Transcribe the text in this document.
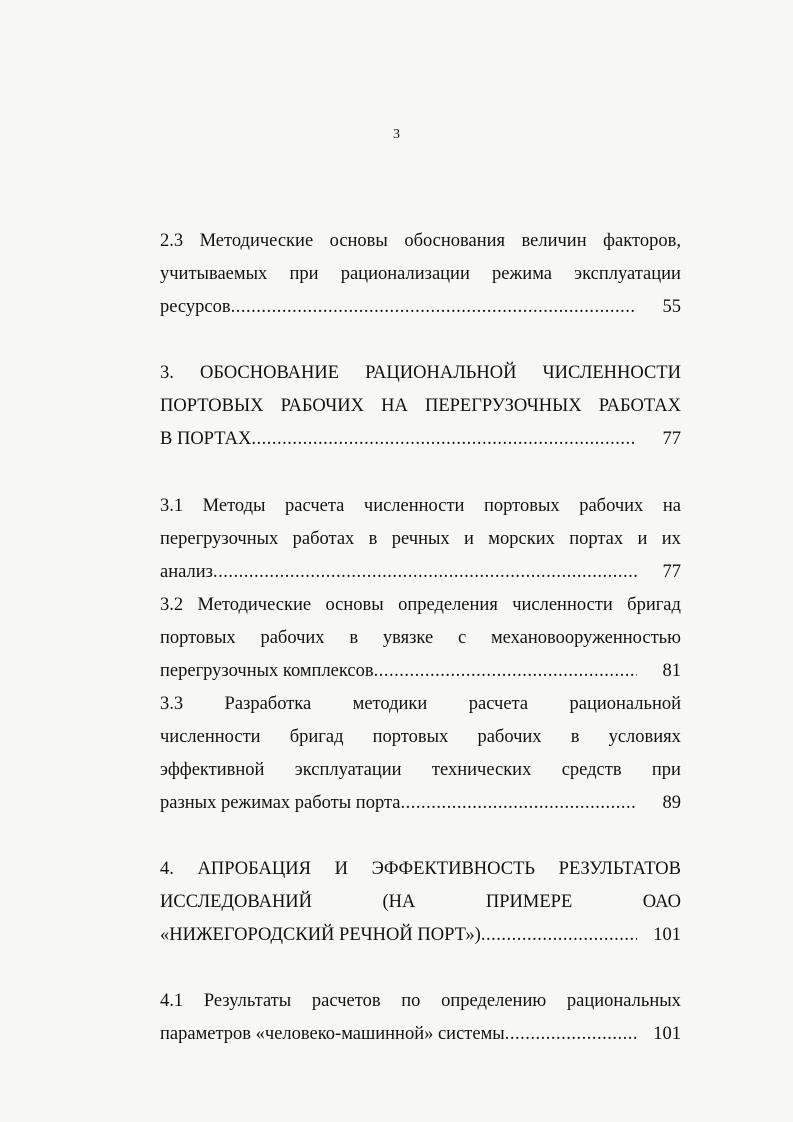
3
2.3 Методические основы обоснования величин факторов,
учитываемых при рационализации режима эксплуатации
ресурсов .....	55
3. ОБОСНОВАНИЕ РАЦИОНАЛЬНОЙ ЧИСЛЕННОСТИ
ПОРТОВЫХ РАБОЧИХ НА ПЕРЕГРУЗОЧНЫХ РАБОТАХ
В ПОРТАХ .....	77
3.1 Методы расчета численности портовых рабочих на
перегрузочных работах в речных и морских портах и их
анализ .....	77
3.2 Методические основы определения численности бригад
портовых рабочих в увязке с механовооруженностью
перегрузочных комплексов .....	81
3.3 Разработка методики расчета рациональной
численности бригад портовых рабочих в условиях
эффективной эксплуатации технических средств при
разных режимах работы порта .....	89
4. АПРОБАЦИЯ И ЭФФЕКТИВНОСТЬ РЕЗУЛЬТАТОВ
ИССЛЕДОВАНИЙ	(НА	ПРИМЕРЕ	ОАО
«НИЖЕГОРОДСКИЙ РЕЧНОЙ ПОРТ») .....	101
4.1 Результаты расчетов по определению рациональных
параметров «человеко-машинной» системы .....	101
